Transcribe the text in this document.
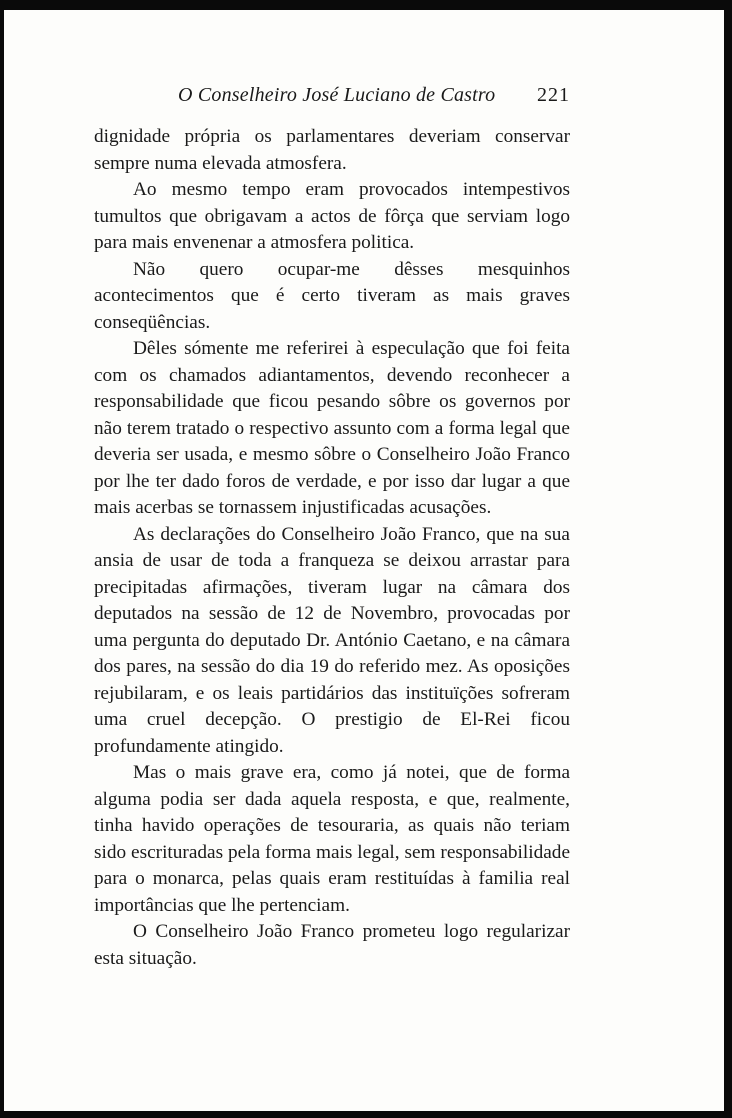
O Conselheiro José Luciano de Castro 221

dignidade própria os parlamentares deveriam conservar sempre numa elevada atmosfera.

Ao mesmo tempo eram provocados intempestivos tumultos que obrigavam a actos de fôrça que serviam logo para mais envenenar a atmosfera politica.

Não quero ocupar-me dêsses mesquinhos acontecimentos que é certo tiveram as mais graves conseqüências.

Dêles sómente me referirei à especulação que foi feita com os chamados adiantamentos, devendo reconhecer a responsabilidade que ficou pesando sôbre os governos por não terem tratado o respectivo assunto com a forma legal que deveria ser usada, e mesmo sôbre o Conselheiro João Franco por lhe ter dado foros de verdade, e por isso dar lugar a que mais acerbas se tornassem injustificadas acusações.

As declarações do Conselheiro João Franco, que na sua ansia de usar de toda a franqueza se deixou arrastar para precipitadas afirmações, tiveram lugar na câmara dos deputados na sessão de 12 de Novembro, provocadas por uma pergunta do deputado Dr. António Caetano, e na câmara dos pares, na sessão do dia 19 do referido mez. As oposições rejubilaram, e os leais partidários das instituïções sofreram uma cruel decepção. O prestigio de El-Rei ficou profundamente atingido.

Mas o mais grave era, como já notei, que de forma alguma podia ser dada aquela resposta, e que, realmente, tinha havido operações de tesouraria, as quais não teriam sido escrituradas pela forma mais legal, sem responsabilidade para o monarca, pelas quais eram restituídas à familia real importâncias que lhe pertenciam.

O Conselheiro João Franco prometeu logo regularizar esta situação.
